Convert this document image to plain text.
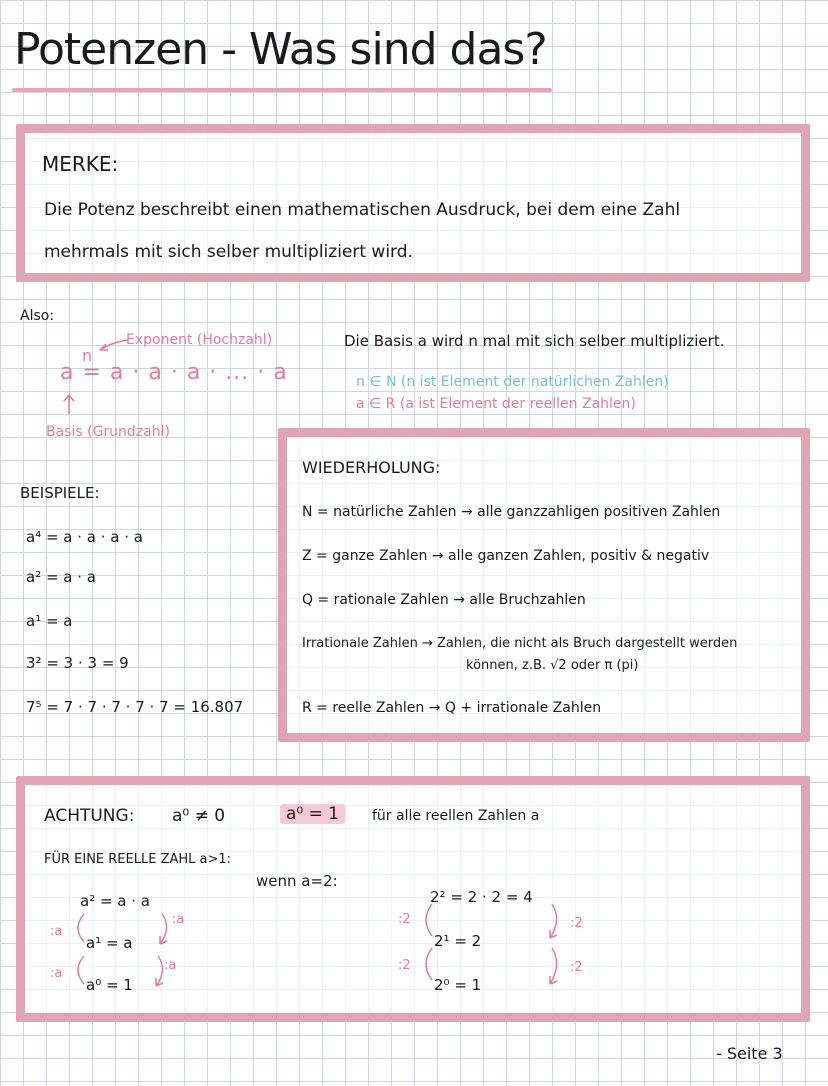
Potenzen - Was sind das?
MERKE:
Die Potenz beschreibt einen mathematischen Ausdruck, bei dem eine Zahl
mehrmals mit sich selber multipliziert wird.
Also:
Exponent (Hochzahl)
n
a = a · a · a · ... · a
Basis (Grundzahl)
Die Basis a wird n mal mit sich selber multipliziert.
n ∈ N (n ist Element der natürlichen Zahlen)
a ∈ R (a ist Element der reellen Zahlen)
BEISPIELE:
a⁴ = a · a · a · a
a² = a · a
a¹ = a
3² = 3 · 3 = 9
7⁵ = 7 · 7 · 7 · 7 · 7 = 16.807
WIEDERHOLUNG:
N = natürliche Zahlen → alle ganzzahligen positiven Zahlen
Z = ganze Zahlen → alle ganzen Zahlen, positiv & negativ
Q = rationale Zahlen → alle Bruchzahlen
Irrationale Zahlen → Zahlen, die nicht als Bruch dargestellt werden
können, z.B. √2 oder π (pi)
R = reelle Zahlen → Q + irrationale Zahlen
ACHTUNG: a⁰ ≠ 0	a⁰ = 1	für alle reellen Zahlen a
FÜR EINE REELLE ZAHL a>1:
wenn a=2:
a² = a · a
a¹ = a
a⁰ = 1
:a
:a
:a
:a
2² = 2 · 2 = 4
2¹ = 2
2⁰ = 1
:2
:2
:2
:2
- Seite 3
